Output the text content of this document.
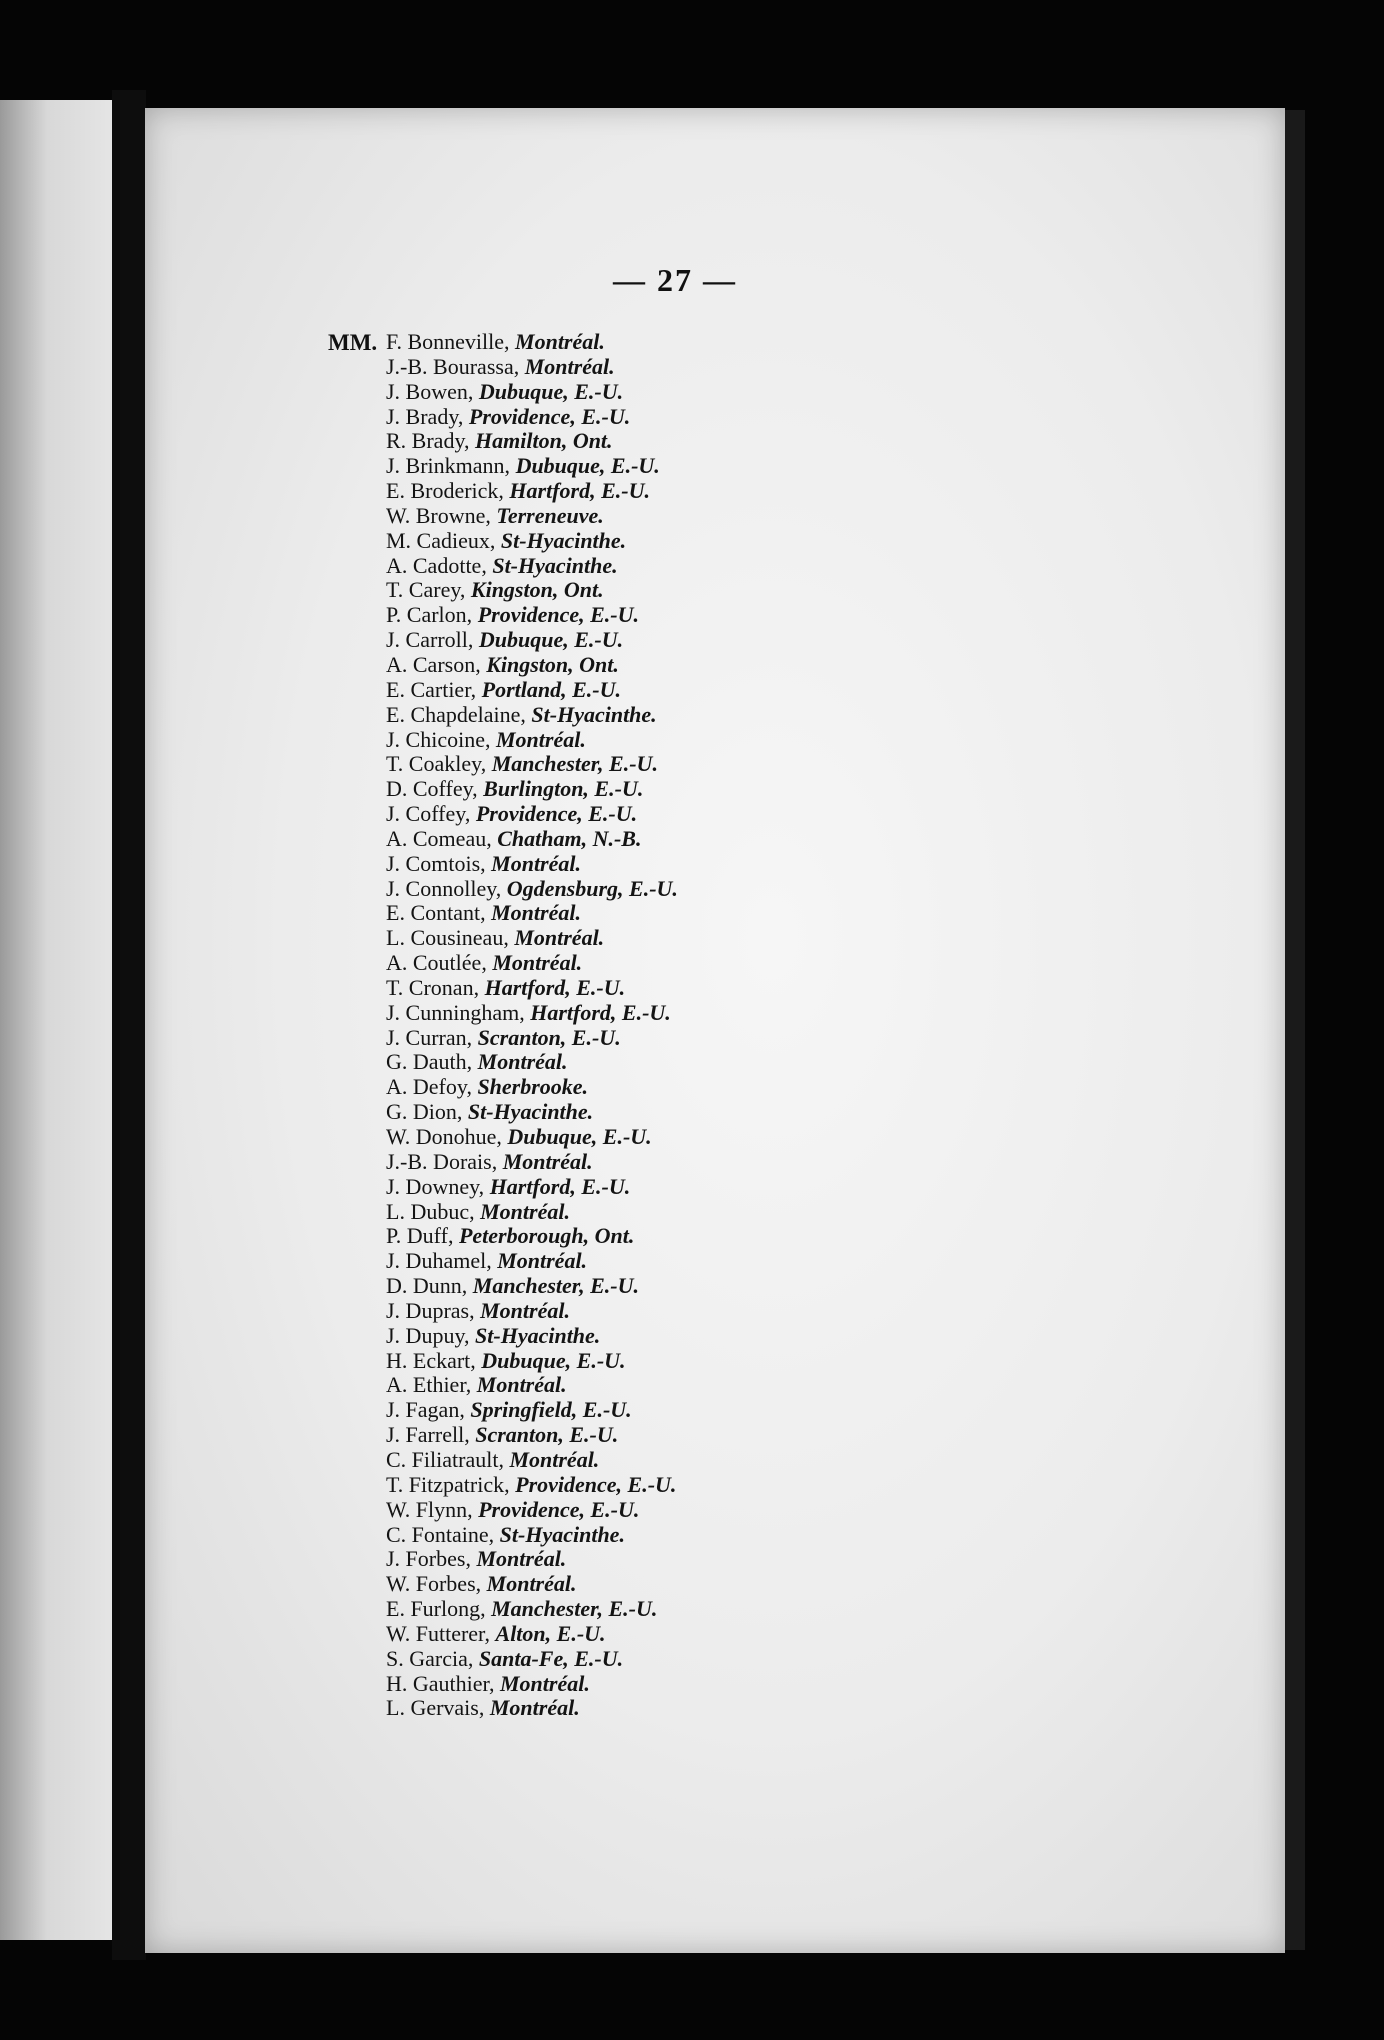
— 27 —
MM. F. Bonneville, Montréal.
J.-B. Bourassa, Montréal.
J. Bowen, Dubuque, E.-U.
J. Brady, Providence, E.-U.
R. Brady, Hamilton, Ont.
J. Brinkmann, Dubuque, E.-U.
E. Broderick, Hartford, E.-U.
W. Browne, Terreneuve.
M. Cadieux, St-Hyacinthe.
A. Cadotte, St-Hyacinthe.
T. Carey, Kingston, Ont.
P. Carlon, Providence, E.-U.
J. Carroll, Dubuque, E.-U.
A. Carson, Kingston, Ont.
E. Cartier, Portland, E.-U.
E. Chapdelaine, St-Hyacinthe.
J. Chicoine, Montréal.
T. Coakley, Manchester, E.-U.
D. Coffey, Burlington, E.-U.
J. Coffey, Providence, E.-U.
A. Comeau, Chatham, N.-B.
J. Comtois, Montréal.
J. Connolley, Ogdensburg, E.-U.
E. Contant, Montréal.
L. Cousineau, Montréal.
A. Coutlée, Montréal.
T. Cronan, Hartford, E.-U.
J. Cunningham, Hartford, E.-U.
J. Curran, Scranton, E.-U.
G. Dauth, Montréal.
A. Defoy, Sherbrooke.
G. Dion, St-Hyacinthe.
W. Donohue, Dubuque, E.-U.
J.-B. Dorais, Montréal.
J. Downey, Hartford, E.-U.
L. Dubuc, Montréal.
P. Duff, Peterborough, Ont.
J. Duhamel, Montréal.
D. Dunn, Manchester, E.-U.
J. Dupras, Montréal.
J. Dupuy, St-Hyacinthe.
H. Eckart, Dubuque, E.-U.
A. Ethier, Montréal.
J. Fagan, Springfield, E.-U.
J. Farrell, Scranton, E.-U.
C. Filiatrault, Montréal.
T. Fitzpatrick, Providence, E.-U.
W. Flynn, Providence, E.-U.
C. Fontaine, St-Hyacinthe.
J. Forbes, Montréal.
W. Forbes, Montréal.
E. Furlong, Manchester, E.-U.
W. Futterer, Alton, E.-U.
S. Garcia, Santa-Fe, E.-U.
H. Gauthier, Montréal.
L. Gervais, Montréal.
